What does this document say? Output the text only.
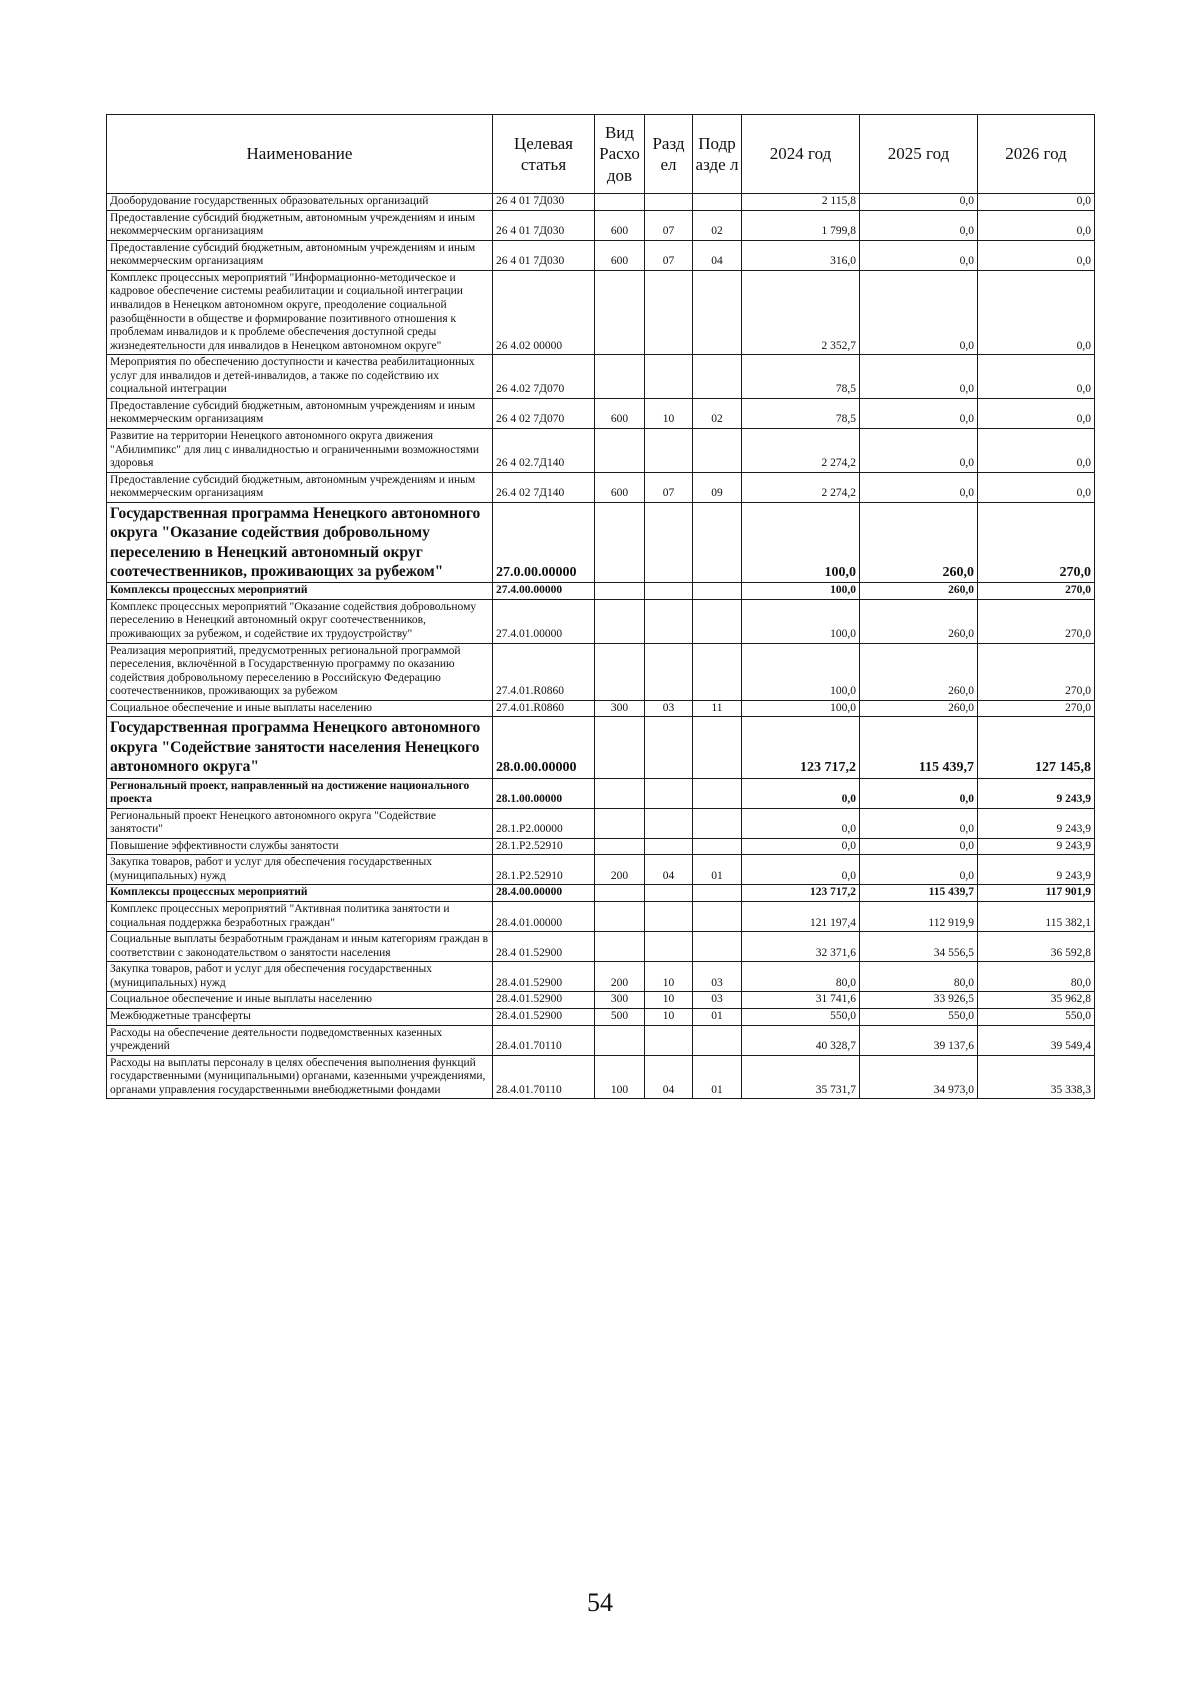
Наименование	Целевая статья	Вид Расхо дов	Разд ел	Подр азде л	2024 год	2025 год	2026 год
Дооборудование государственных образовательных организаций	26 4 01 7Д030				2 115,8	0,0	0,0
Предоставление субсидий бюджетным, автономным учреждениям и иным некоммерческим организациям	26 4 01 7Д030	600	07	02	1 799,8	0,0	0,0
Предоставление субсидий бюджетным, автономным учреждениям и иным некоммерческим организациям	26 4 01 7Д030	600	07	04	316,0	0,0	0,0
Комплекс процессных мероприятий "Информационно-методическое и кадровое обеспечение системы реабилитации и социальной интеграции инвалидов в Ненецком автономном округе, преодоление социальной разобщённости в обществе и формирование позитивного отношения к проблемам инвалидов и к проблеме обеспечения доступной среды жизнедеятельности для инвалидов в Ненецком автономном округе"	26 4.02 00000				2 352,7	0,0	0,0
Мероприятия по обеспечению доступности и качества реабилитационных услуг для инвалидов и детей-инвалидов, а также по содействию их социальной интеграции	26 4.02 7Д070				78,5	0,0	0,0
Предоставление субсидий бюджетным, автономным учреждениям и иным некоммерческим организациям	26 4 02 7Д070	600	10	02	78,5	0,0	0,0
Развитие на территории Ненецкого автономного округа движения "Абилимпикс" для лиц с инвалидностью и ограниченными возможностями здоровья	26 4 02.7Д140				2 274,2	0,0	0,0
Предоставление субсидий бюджетным, автономным учреждениям и иным некоммерческим организациям	26.4 02 7Д140	600	07	09	2 274,2	0,0	0,0
Государственная программа Ненецкого автономного округа "Оказание содействия добровольному переселению в Ненецкий автономный округ соотечественников, проживающих за рубежом"	27.0.00.00000				100,0	260,0	270,0
Комплексы процессных мероприятий	27.4.00.00000				100,0	260,0	270,0
Комплекс процессных мероприятий "Оказание содействия добровольному переселению в Ненецкий автономный округ соотечественников, проживающих за рубежом, и содействие их трудоустройству"	27.4.01.00000				100,0	260,0	270,0
Реализация мероприятий, предусмотренных региональной программой переселения, включённой в Государственную программу по оказанию содействия добровольному переселению в Российскую Федерацию соотечественников, проживающих за рубежом	27.4.01.R0860				100,0	260,0	270,0
Социальное обеспечение и иные выплаты населению	27.4.01.R0860	300	03	11	100,0	260,0	270,0
Государственная программа Ненецкого автономного округа "Содействие занятости населения Ненецкого автономного округа"	28.0.00.00000				123 717,2	115 439,7	127 145,8
Региональный проект, направленный на достижение национального проекта	28.1.00.00000				0,0	0,0	9 243,9
Региональный проект Ненецкого автономного округа "Содействие занятости"	28.1.P2.00000				0,0	0,0	9 243,9
Повышение эффективности службы занятости	28.1.P2.52910				0,0	0,0	9 243,9
Закупка товаров, работ и услуг для обеспечения государственных (муниципальных) нужд	28.1.P2.52910	200	04	01	0,0	0,0	9 243,9
Комплексы процессных мероприятий	28.4.00.00000				123 717,2	115 439,7	117 901,9
Комплекс процессных мероприятий "Активная политика занятости и социальная поддержка безработных граждан"	28.4.01.00000				121 197,4	112 919,9	115 382,1
Социальные выплаты безработным гражданам и иным категориям граждан в соответствии с законодательством о занятости населения	28.4 01.52900				32 371,6	34 556,5	36 592,8
Закупка товаров, работ и услуг для обеспечения государственных (муниципальных) нужд	28.4.01.52900	200	10	03	80,0	80,0	80,0
Социальное обеспечение и иные выплаты населению	28.4.01.52900	300	10	03	31 741,6	33 926,5	35 962,8
Межбюджетные трансферты	28.4.01.52900	500	10	01	550,0	550,0	550,0
Расходы на обеспечение деятельности подведомственных казенных учреждений	28.4.01.70110				40 328,7	39 137,6	39 549,4
Расходы на выплаты персоналу в целях обеспечения выполнения функций государственными (муниципальными) органами, казенными учреждениями, органами управления государственными внебюджетными фондами	28.4.01.70110	100	04	01	35 731,7	34 973,0	35 338,3
54
